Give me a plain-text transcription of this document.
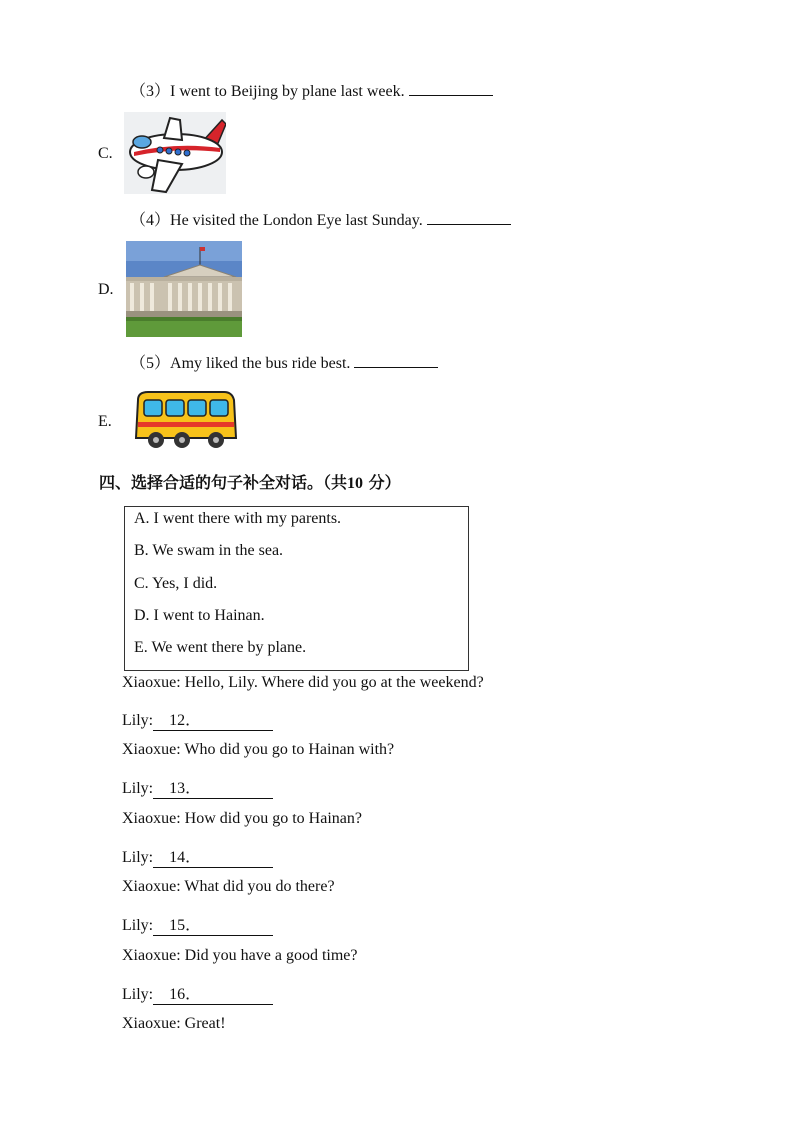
（3）I went to Beijing by plane last week.
C.
（4）He visited the London Eye last Sunday.
D.
（5）Amy liked the bus ride best.
E.
四、选择合适的句子补全对话。（共10 分）
A. I went there with my parents.
B. We swam in the sea.
C. Yes, I did.
D. I went to Hainan.
E. We went there by plane.
Xiaoxue: Hello, Lily. Where did you go at the weekend?
Lily: 12．
Xiaoxue: Who did you go to Hainan with?
Lily: 13．
Xiaoxue: How did you go to Hainan?
Lily: 14．
Xiaoxue: What did you do there?
Lily: 15．
Xiaoxue: Did you have a good time?
Lily: 16．
Xiaoxue: Great!
